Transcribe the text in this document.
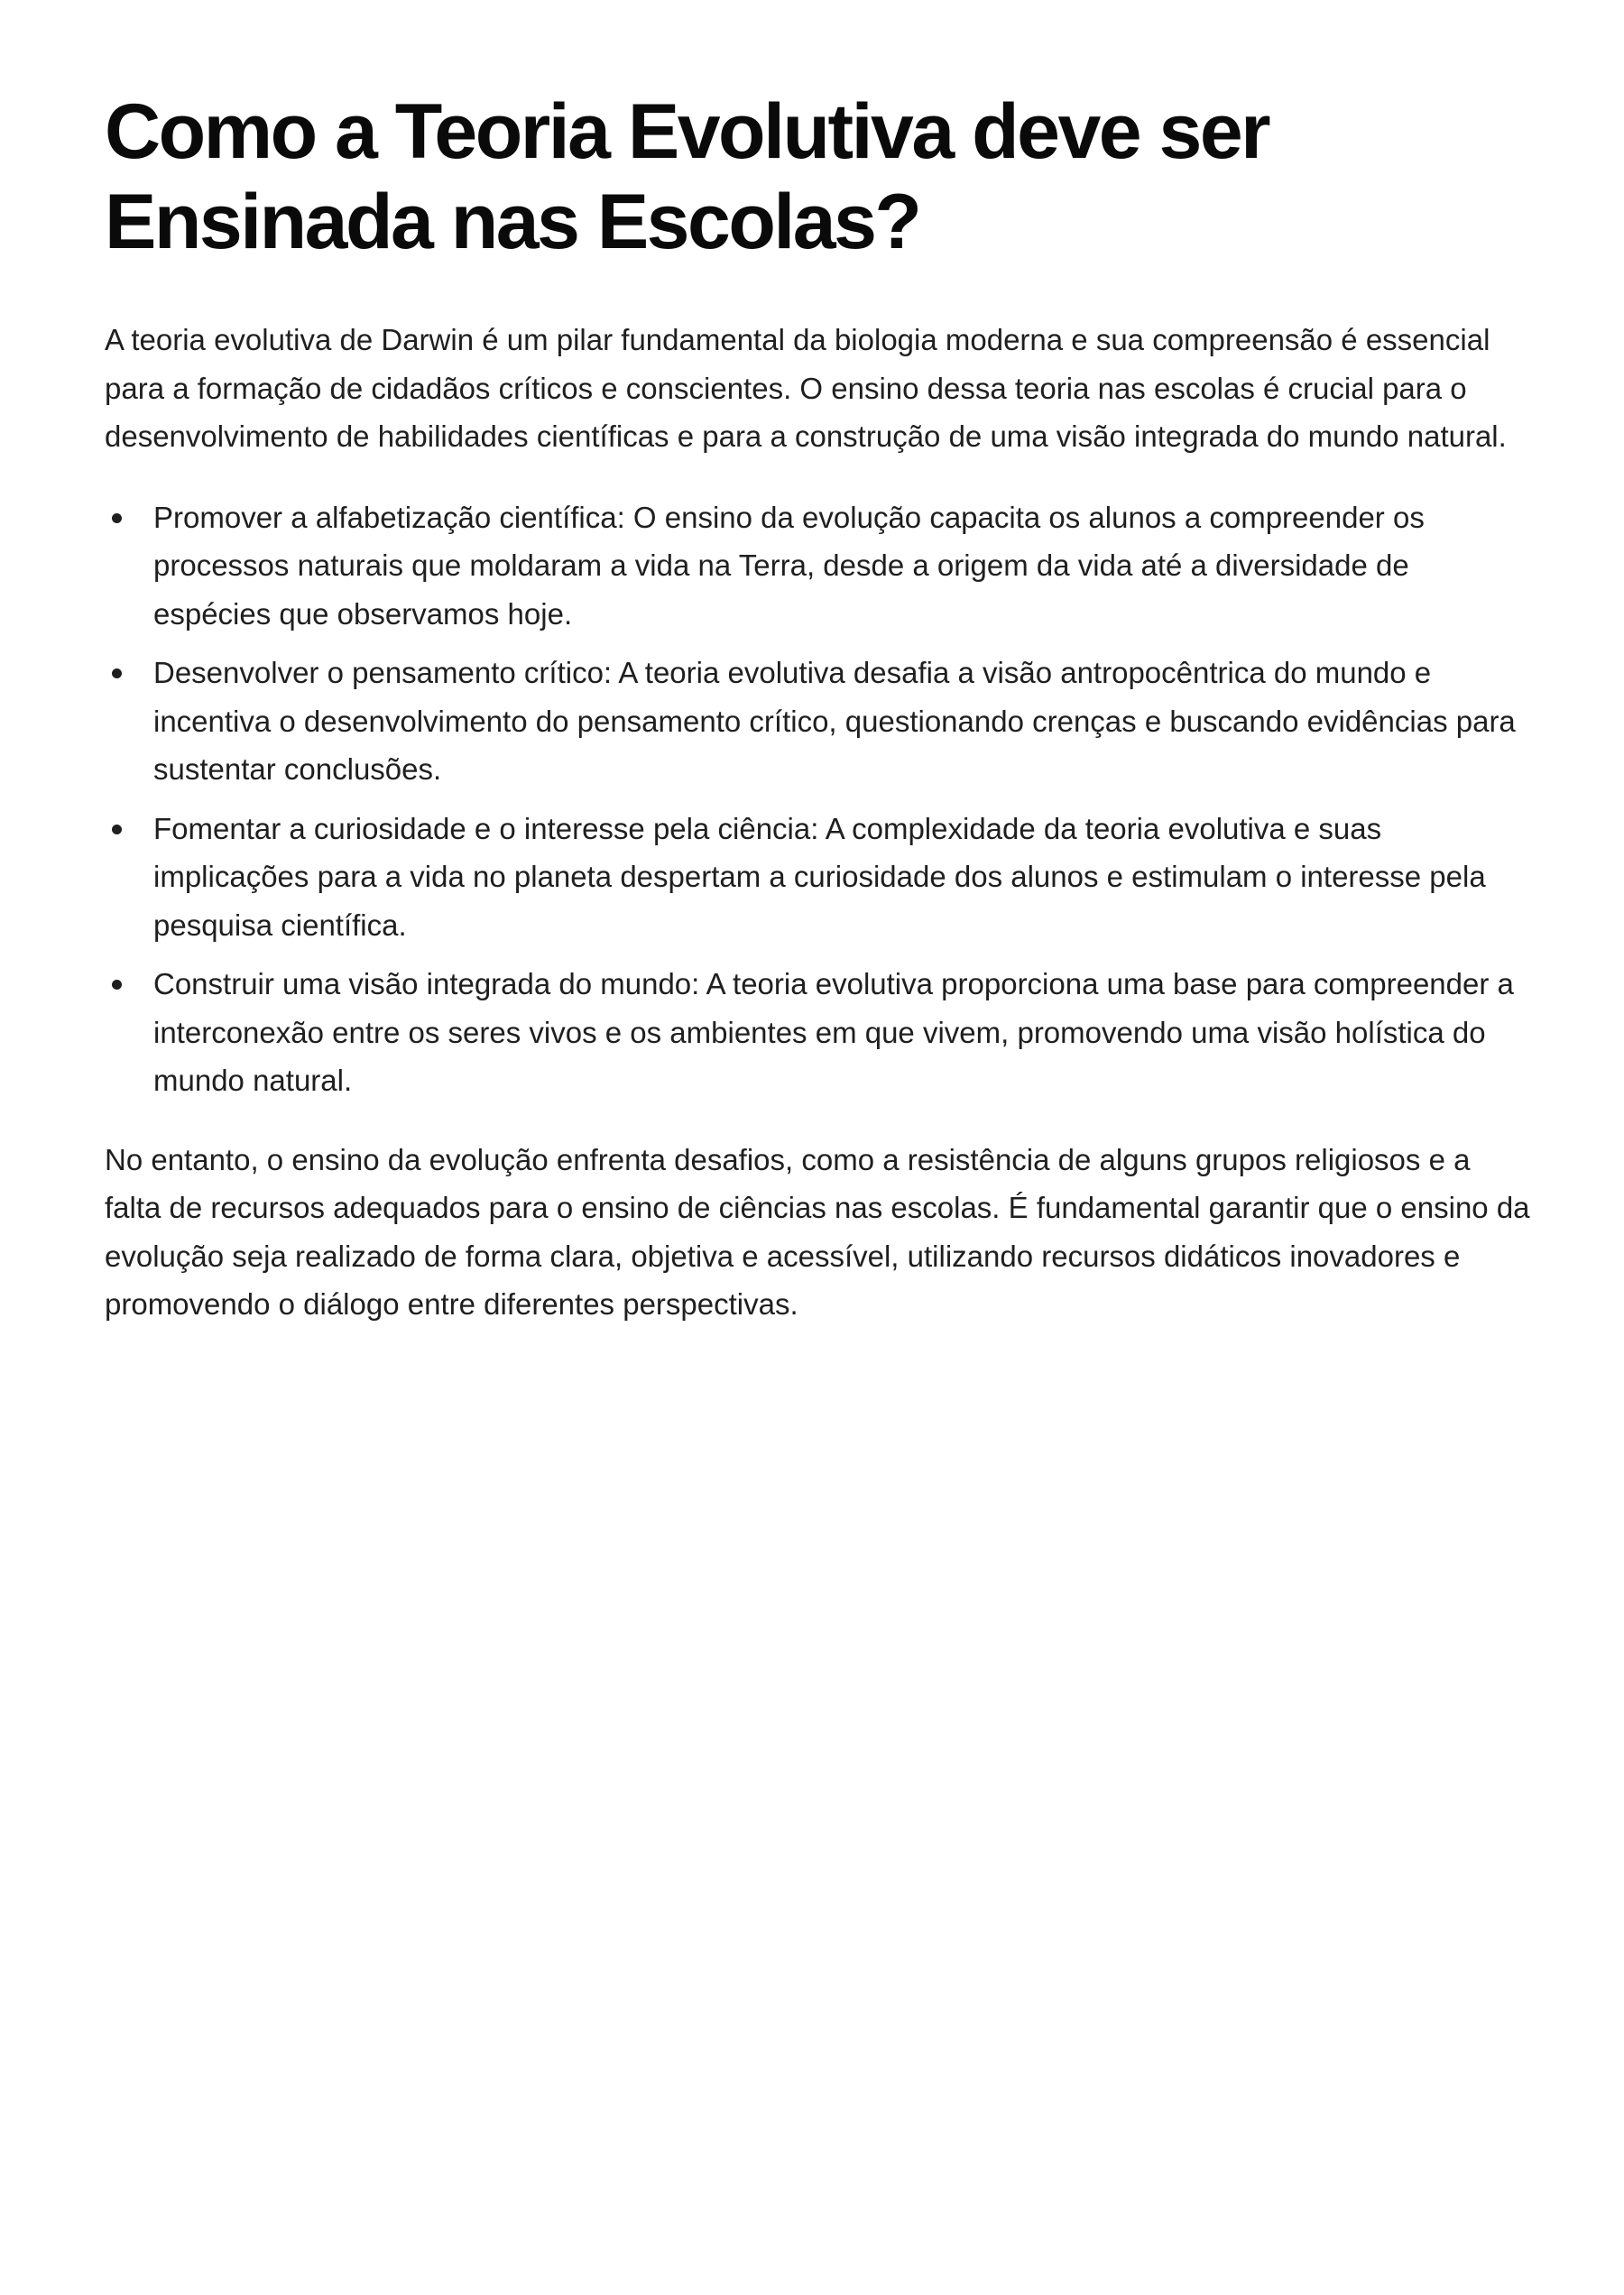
Como a Teoria Evolutiva deve ser Ensinada nas Escolas?

A teoria evolutiva de Darwin é um pilar fundamental da biologia moderna e sua compreensão é essencial para a formação de cidadãos críticos e conscientes. O ensino dessa teoria nas escolas é crucial para o desenvolvimento de habilidades científicas e para a construção de uma visão integrada do mundo natural.

Promover a alfabetização científica: O ensino da evolução capacita os alunos a compreender os processos naturais que moldaram a vida na Terra, desde a origem da vida até a diversidade de espécies que observamos hoje.
Desenvolver o pensamento crítico: A teoria evolutiva desafia a visão antropocêntrica do mundo e incentiva o desenvolvimento do pensamento crítico, questionando crenças e buscando evidências para sustentar conclusões.
Fomentar a curiosidade e o interesse pela ciência: A complexidade da teoria evolutiva e suas implicações para a vida no planeta despertam a curiosidade dos alunos e estimulam o interesse pela pesquisa científica.
Construir uma visão integrada do mundo: A teoria evolutiva proporciona uma base para compreender a interconexão entre os seres vivos e os ambientes em que vivem, promovendo uma visão holística do mundo natural.

No entanto, o ensino da evolução enfrenta desafios, como a resistência de alguns grupos religiosos e a falta de recursos adequados para o ensino de ciências nas escolas. É fundamental garantir que o ensino da evolução seja realizado de forma clara, objetiva e acessível, utilizando recursos didáticos inovadores e promovendo o diálogo entre diferentes perspectivas.
